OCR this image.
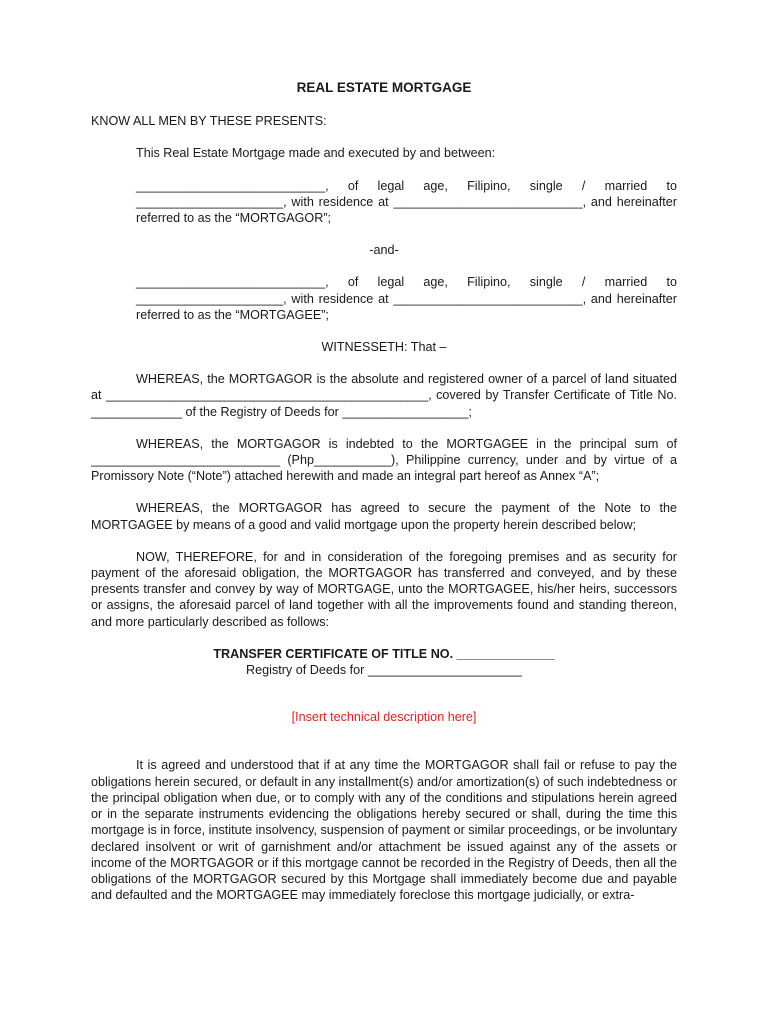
REAL ESTATE MORTGAGE

KNOW ALL MEN BY THESE PRESENTS:

This Real Estate Mortgage made and executed by and between:

___________________________, of legal age, Filipino, single / married to _____________________, with residence at ___________________________, and hereinafter referred to as the “MORTGAGOR”;

-and-

___________________________, of legal age, Filipino, single / married to _____________________, with residence at ___________________________, and hereinafter referred to as the “MORTGAGEE”;

WITNESSETH: That –

WHEREAS, the MORTGAGOR is the absolute and registered owner of a parcel of land situated at ______________________________________________, covered by Transfer Certificate of Title No. _____________ of the Registry of Deeds for __________________;

WHEREAS, the MORTGAGOR is indebted to the MORTGAGEE in the principal sum of ___________________________ (Php___________), Philippine currency, under and by virtue of a Promissory Note (“Note”) attached herewith and made an integral part hereof as Annex “A”;

WHEREAS, the MORTGAGOR has agreed to secure the payment of the Note to the MORTGAGEE by means of a good and valid mortgage upon the property herein described below;

NOW, THEREFORE, for and in consideration of the foregoing premises and as security for payment of the aforesaid obligation, the MORTGAGOR has transferred and conveyed, and by these presents transfer and convey by way of MORTGAGE, unto the MORTGAGEE, his/her heirs, successors or assigns, the aforesaid parcel of land together with all the improvements found and standing thereon, and more particularly described as follows:

TRANSFER CERTIFICATE OF TITLE NO. ______________

Registry of Deeds for ______________________

[Insert technical description here]

It is agreed and understood that if at any time the MORTGAGOR shall fail or refuse to pay the obligations herein secured, or default in any installment(s) and/or amortization(s) of such indebtedness or the principal obligation when due, or to comply with any of the conditions and stipulations herein agreed or in the separate instruments evidencing the obligations hereby secured or shall, during the time this mortgage is in force, institute insolvency, suspension of payment or similar proceedings, or be involuntary declared insolvent or writ of garnishment and/or attachment be issued against any of the assets or income of the MORTGAGOR or if this mortgage cannot be recorded in the Registry of Deeds, then all the obligations of the MORTGAGOR secured by this Mortgage shall immediately become due and payable and defaulted and the MORTGAGEE may immediately foreclose this mortgage judicially, or extra-
